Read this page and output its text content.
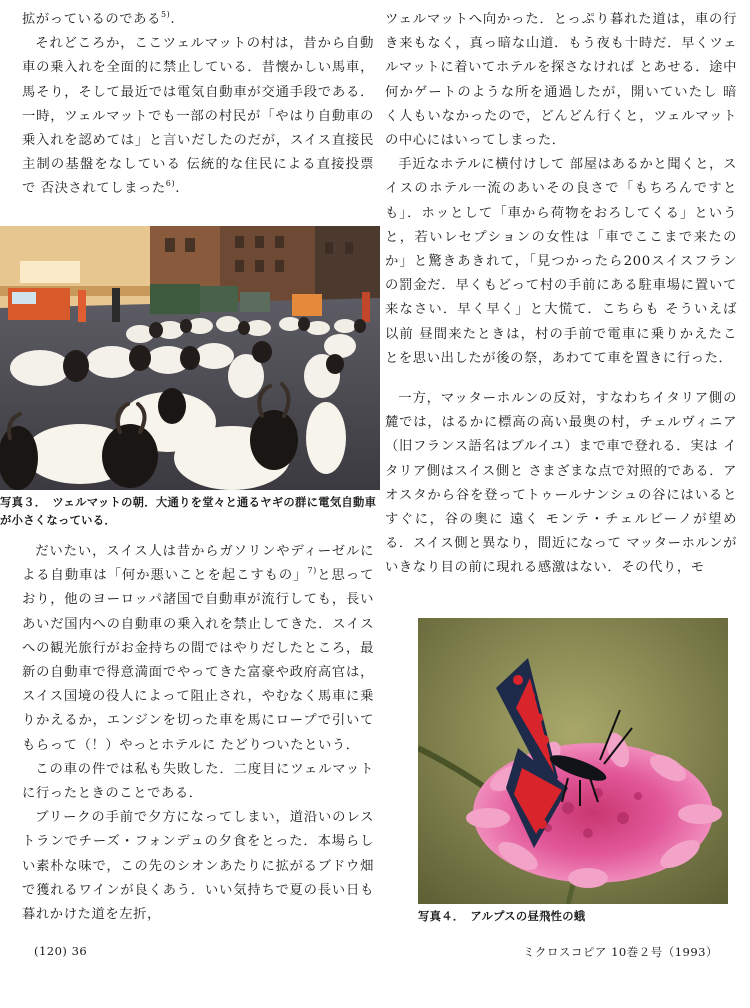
拡がっているのである$^{5)}$.

それどころか，ここツェルマットの村は，昔から自動車の乗入れを全面的に禁止している．昔懐かしい馬車，馬そり，そして最近では電気自動車が交通手段である．一時，ツェルマットでも一部の村民が「やはり自動車の乗入れを認めては」と言いだしたのだが，スイス直接民主制の基盤をなしている 伝統的な住民による直接投票で 否決されてしまった$^{6)}$.

写真３． ツェルマットの朝．大通りを堂々と通るヤギの群に電気自動車が小さくなっている．

だいたい，スイス人は昔からガソリンやディーゼルによる自動車は「何か悪いことを起こすもの」$^{7)}$と思っており，他のヨーロッパ諸国で自動車が流行しても，長いあいだ国内への自動車の乗入れを禁止してきた．スイスへの観光旅行がお金持ちの間ではやりだしたところ，最新の自動車で得意満面でやってきた富豪や政府高官は，スイス国境の役人によって阻止され，やむなく馬車に乗りかえるか，エンジンを切った車を馬にロープで引いてもらって（！）やっとホテルに たどりついたという．

この車の件では私も失敗した．二度目にツェルマットに行ったときのことである．

ブリークの手前で夕方になってしまい，道沿いのレストランでチーズ・フォンデュの夕食をとった．本場らしい素朴な味で，この先のシオンあたりに拡がるブドウ畑で獲れるワインが良くあう．いい気持ちで夏の長い日も暮れかけた道を左折，

ツェルマットへ向かった．とっぷり暮れた道は，車の行き来もなく，真っ暗な山道．もう夜も十時だ．早くツェルマットに着いてホテルを探さなければ とあせる．途中 何かゲートのような所を通過したが，開いていたし 暗く人もいなかったので，どんどん行くと，ツェルマットの中心にはいってしまった．

手近なホテルに横付けして 部屋はあるかと聞くと，スイスのホテル一流のあいその良さで「もちろんですとも」．ホッとして「車から荷物をおろしてくる」というと，若いレセプションの女性は「車でここまで来たのか」と驚きあきれて，「見つかったら200スイスフランの罰金だ．早くもどって村の手前にある駐車場に置いて来なさい．早く早く」と大慌て．こちらも そういえば 以前 昼間来たときは，村の手前で電車に乗りかえたことを思い出したが後の祭，あわてて車を置きに行った．

一方，マッターホルンの反対，すなわちイタリア側の麓では，はるかに標高の高い最奥の村，チェルヴィニア（旧フランス語名はブルイユ）まで車で登れる．実は イタリア側はスイス側と さまざまな点で対照的である．アオスタから谷を登ってトゥールナンシュの谷にはいると すぐに，谷の奥に 遠く モンテ・チェルビーノが望める．スイス側と異なり，間近になって マッターホルンが いきなり目の前に現れる感激はない．その代り，モ

写真４． アルプスの昼飛性の蛾
(120) 36	ミクロスコピア 10巻２号（1993）
